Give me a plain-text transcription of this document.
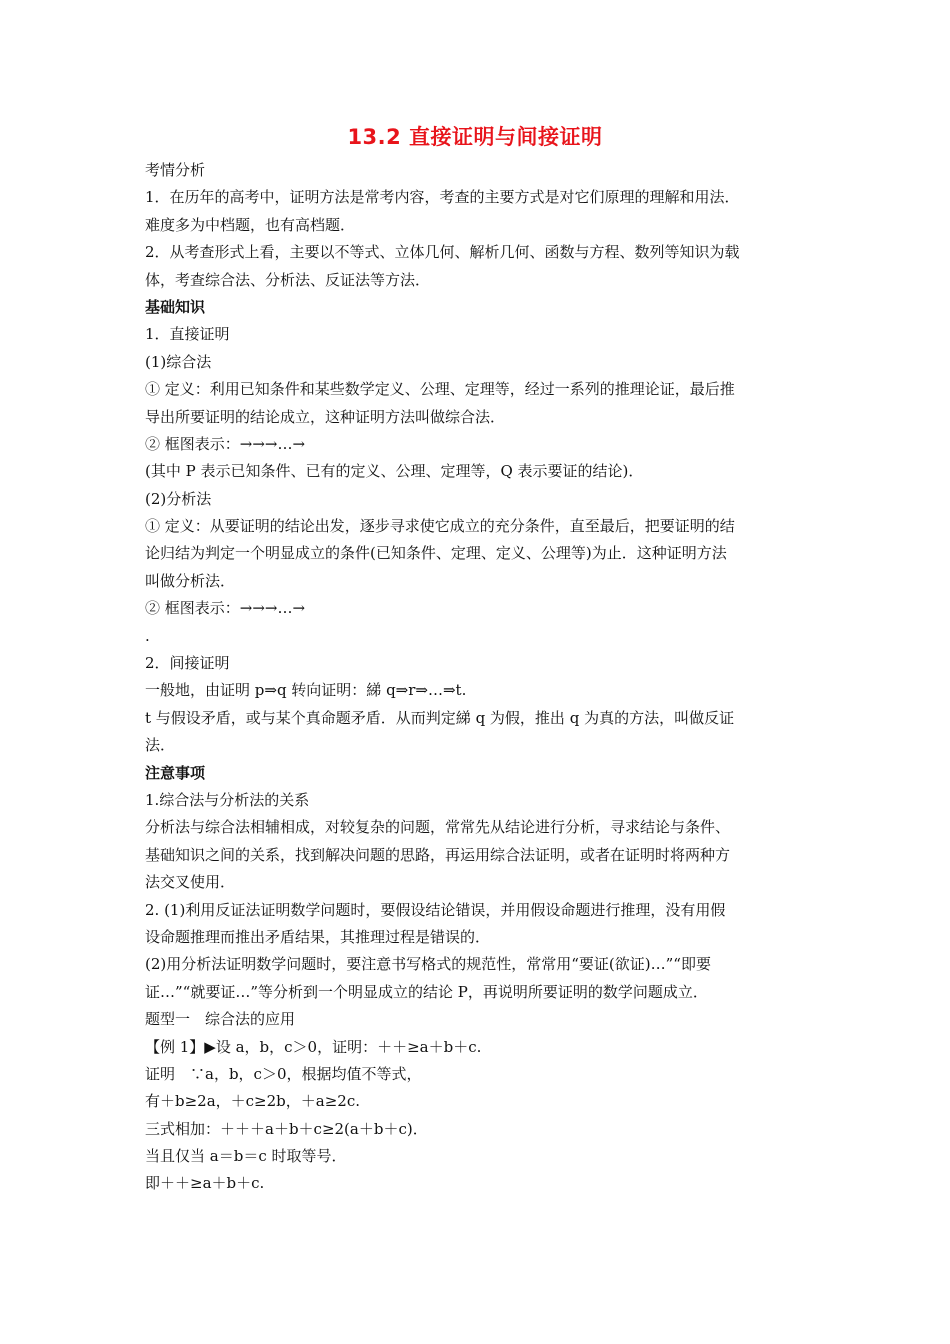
13.2 直接证明与间接证明
考情分析
1．在历年的高考中，证明方法是常考内容，考查的主要方式是对它们原理的理解和用法．
难度多为中档题，也有高档题．
2．从考查形式上看，主要以不等式、立体几何、解析几何、函数与方程、数列等知识为载
体，考查综合法、分析法、反证法等方法．
基础知识
1．直接证明
(1)综合法
① 定义：利用已知条件和某些数学定义、公理、定理等，经过一系列的推理论证，最后推
导出所要证明的结论成立，这种证明方法叫做综合法．
② 框图表示：→→→…→
(其中 P 表示已知条件、已有的定义、公理、定理等，Q 表示要证的结论)．
(2)分析法
① 定义：从要证明的结论出发，逐步寻求使它成立的充分条件，直至最后，把要证明的结
论归结为判定一个明显成立的条件(已知条件、定理、定义、公理等)为止．这种证明方法
叫做分析法．
② 框图表示：→→→…→
.
2．间接证明
一般地，由证明 p⇒q 转向证明：綈 q⇒r⇒…⇒t.
t 与假设矛盾，或与某个真命题矛盾．从而判定綈 q 为假，推出 q 为真的方法，叫做反证
法．
注意事项
1.综合法与分析法的关系
分析法与综合法相辅相成，对较复杂的问题，常常先从结论进行分析，寻求结论与条件、
基础知识之间的关系，找到解决问题的思路，再运用综合法证明，或者在证明时将两种方
法交叉使用．
2. (1)利用反证法证明数学问题时，要假设结论错误，并用假设命题进行推理，没有用假
设命题推理而推出矛盾结果，其推理过程是错误的．
(2)用分析法证明数学问题时，要注意书写格式的规范性，常常用“要证(欲证)…”“即要
证…”“就要证…”等分析到一个明显成立的结论 P，再说明所要证明的数学问题成立．
题型一　综合法的应用
【例 1】▶设 a，b，c＞0，证明：＋＋≥a＋b＋c.
证明　∵a，b，c＞0，根据均值不等式，
有＋b≥2a，＋c≥2b，＋a≥2c.
三式相加：＋＋＋a＋b＋c≥2(a＋b＋c)．
当且仅当 a＝b＝c 时取等号．
即＋＋≥a＋b＋c.
